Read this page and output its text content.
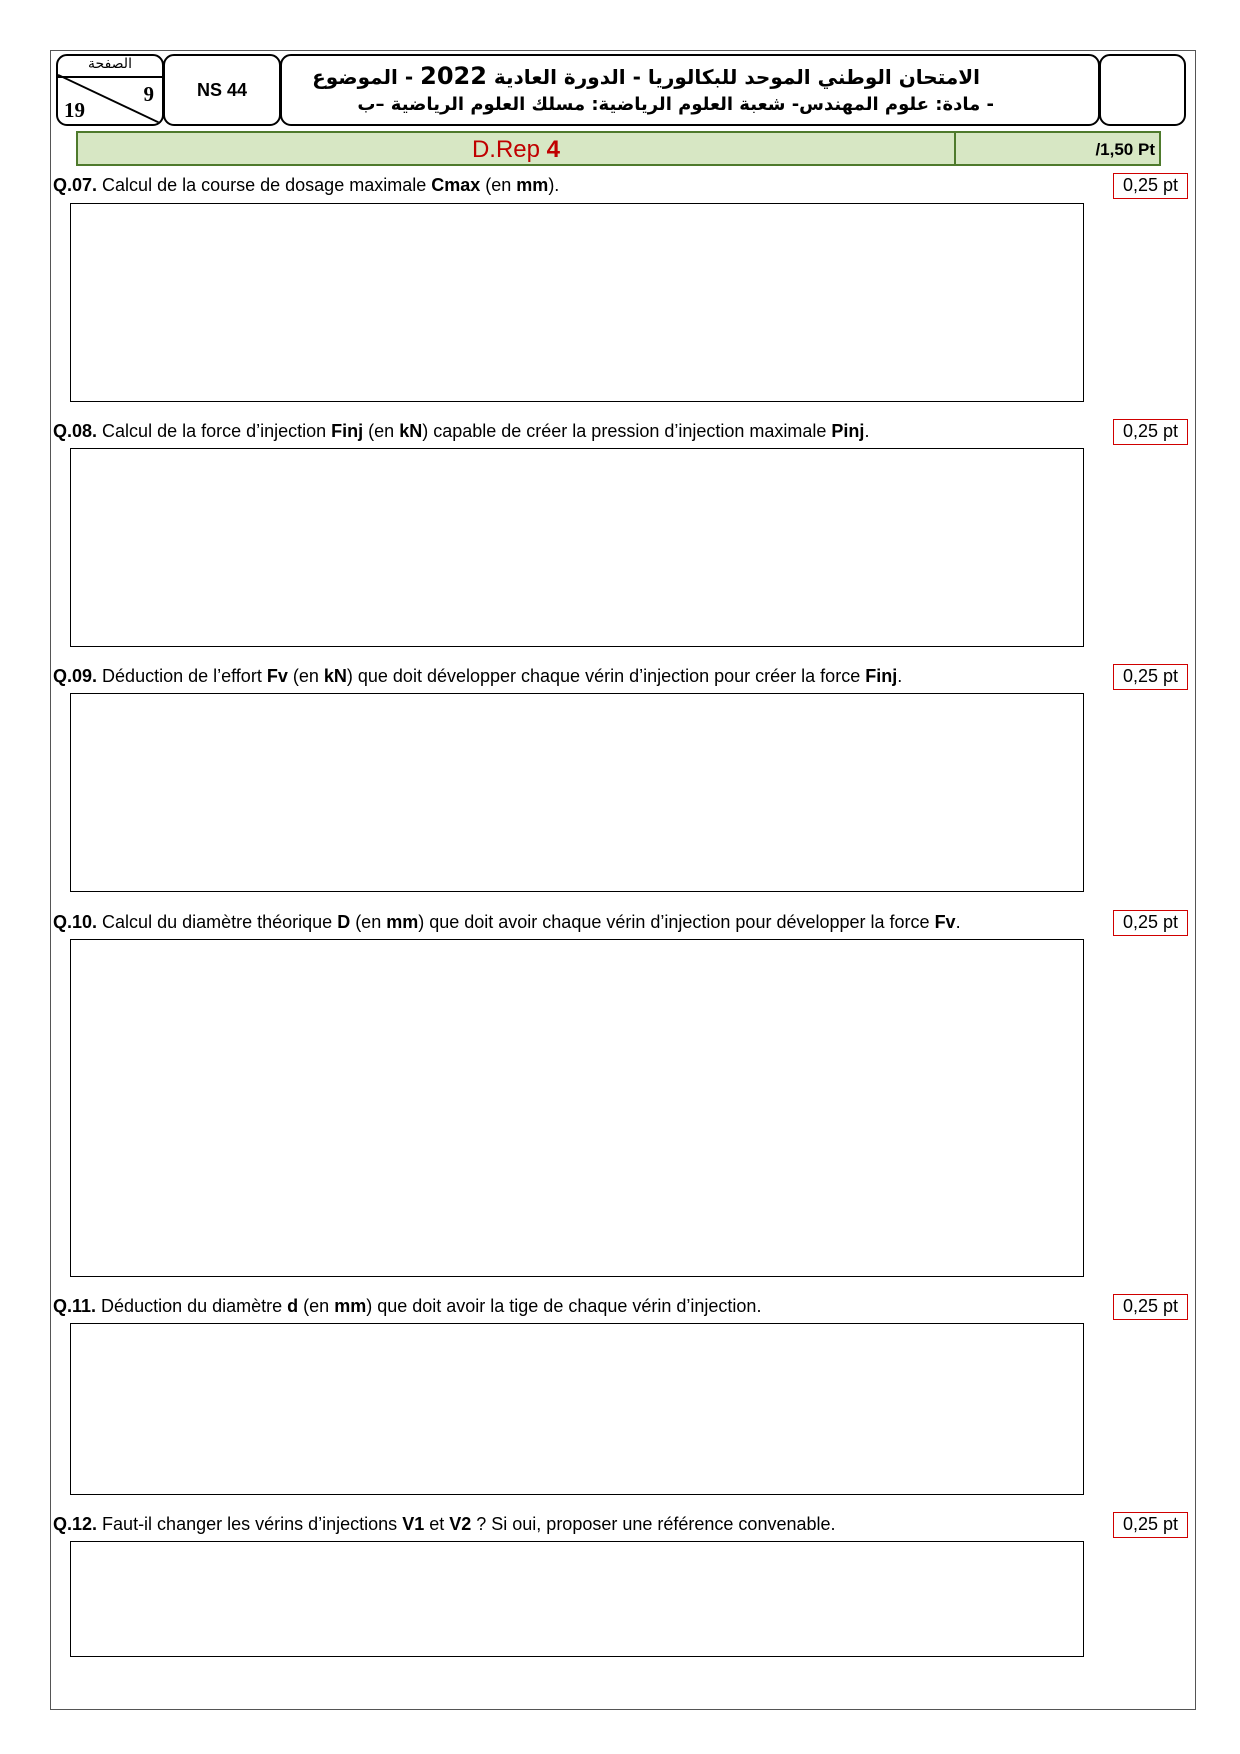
الصفحة
9
19
NS 44
الامتحان الوطني الموحد للبكالوريا - الدورة العادية 2022 - الموضوع
- مادة: علوم المهندس- شعبة العلوم الرياضية: مسلك العلوم الرياضية –ب
D.Rep 4	/1,50 Pt
Q.07. Calcul de la course de dosage maximale Cmax (en mm).	0,25 pt
Q.08. Calcul de la force d’injection Finj (en kN) capable de créer la pression d’injection maximale Pinj.	0,25 pt
Q.09. Déduction de l’effort Fv (en kN) que doit développer chaque vérin d’injection pour créer la force Finj.	0,25 pt
Q.10. Calcul du diamètre théorique D (en mm) que doit avoir chaque vérin d’injection pour développer la force Fv.	0,25 pt
Q.11. Déduction du diamètre d (en mm) que doit avoir la tige de chaque vérin d’injection.	0,25 pt
Q.12. Faut-il changer les vérins d’injections V1 et V2 ? Si oui, proposer une référence convenable.	0,25 pt
